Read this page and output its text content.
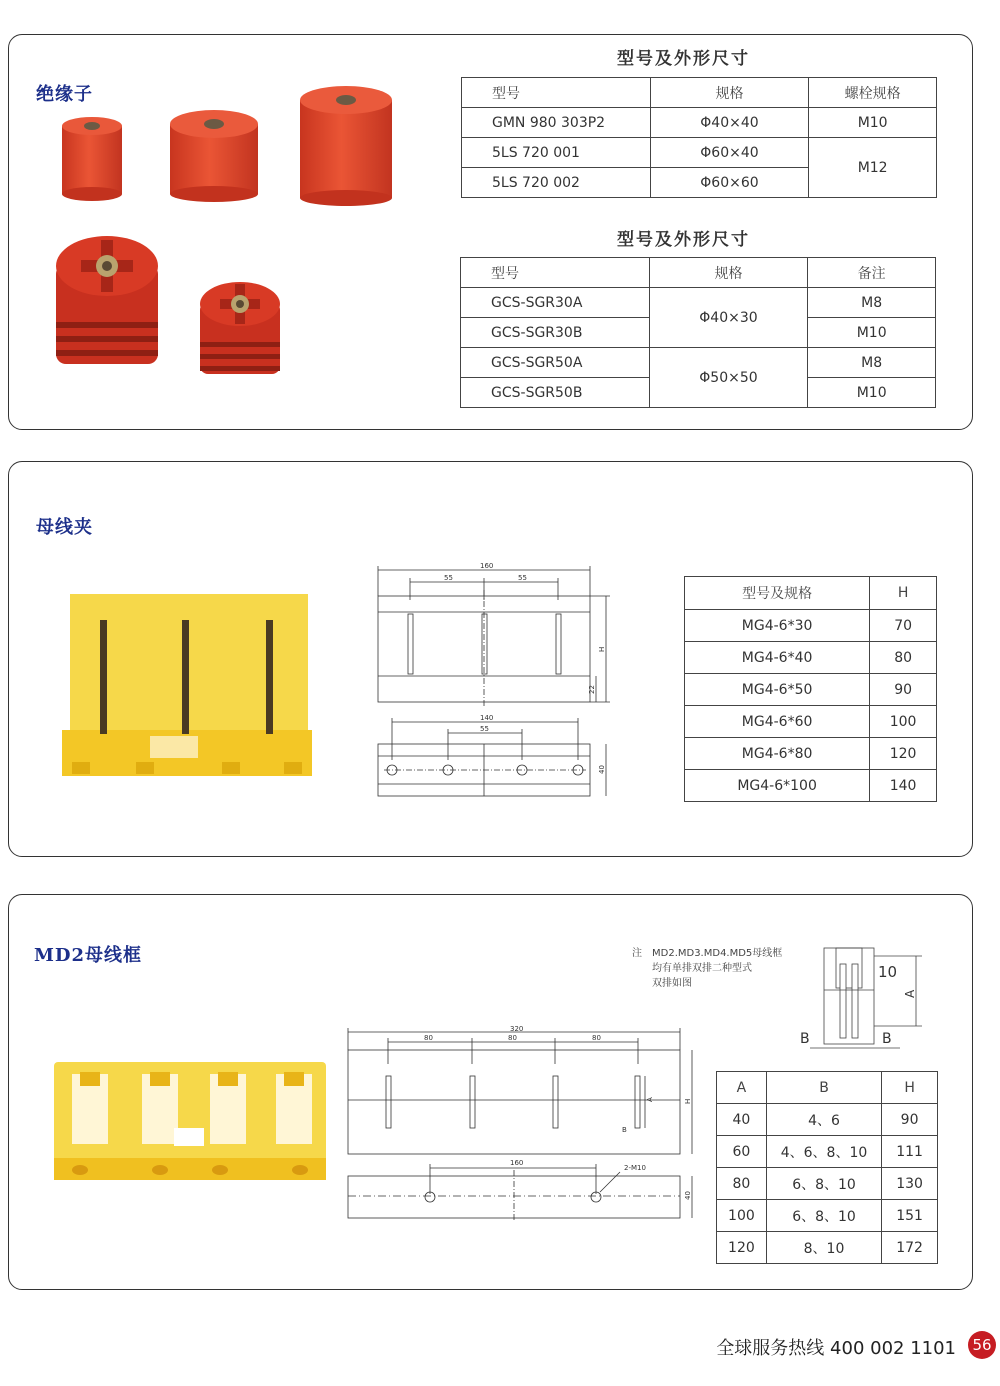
绝缘子
型号及外形尺寸
型号	规格	螺栓规格
GMN 980 303P2	Φ40×40	M10
5LS 720 001	Φ60×40	M12
5LS 720 002	Φ60×60	
型号及外形尺寸
型号	规格	备注
GCS-SGR30A	Φ40×30	M8
GCS-SGR30B		M10
GCS-SGR50A	Φ50×50	M8
GCS-SGR50B		M10
母线夹
160
55	55
H
22
140
55
40
型号及规格	H
MG4-6*30	70
MG4-6*40	80
MG4-6*50	90
MG4-6*60	100
MG4-6*80	120
MG4-6*100	140
MD2母线框	注　MD2.MD3.MD4.MD5母线框
均有单排双排二种型式
双排如图
10
A
B	B
320
80	80	80
A
B
H
160
2-M10
40
A	B	H
40	4、6	90
60	4、6、8、10	111
80	6、8、10	130
100	6、8、10	151
120	8、10	172
全球服务热线 400 002 1101 56
